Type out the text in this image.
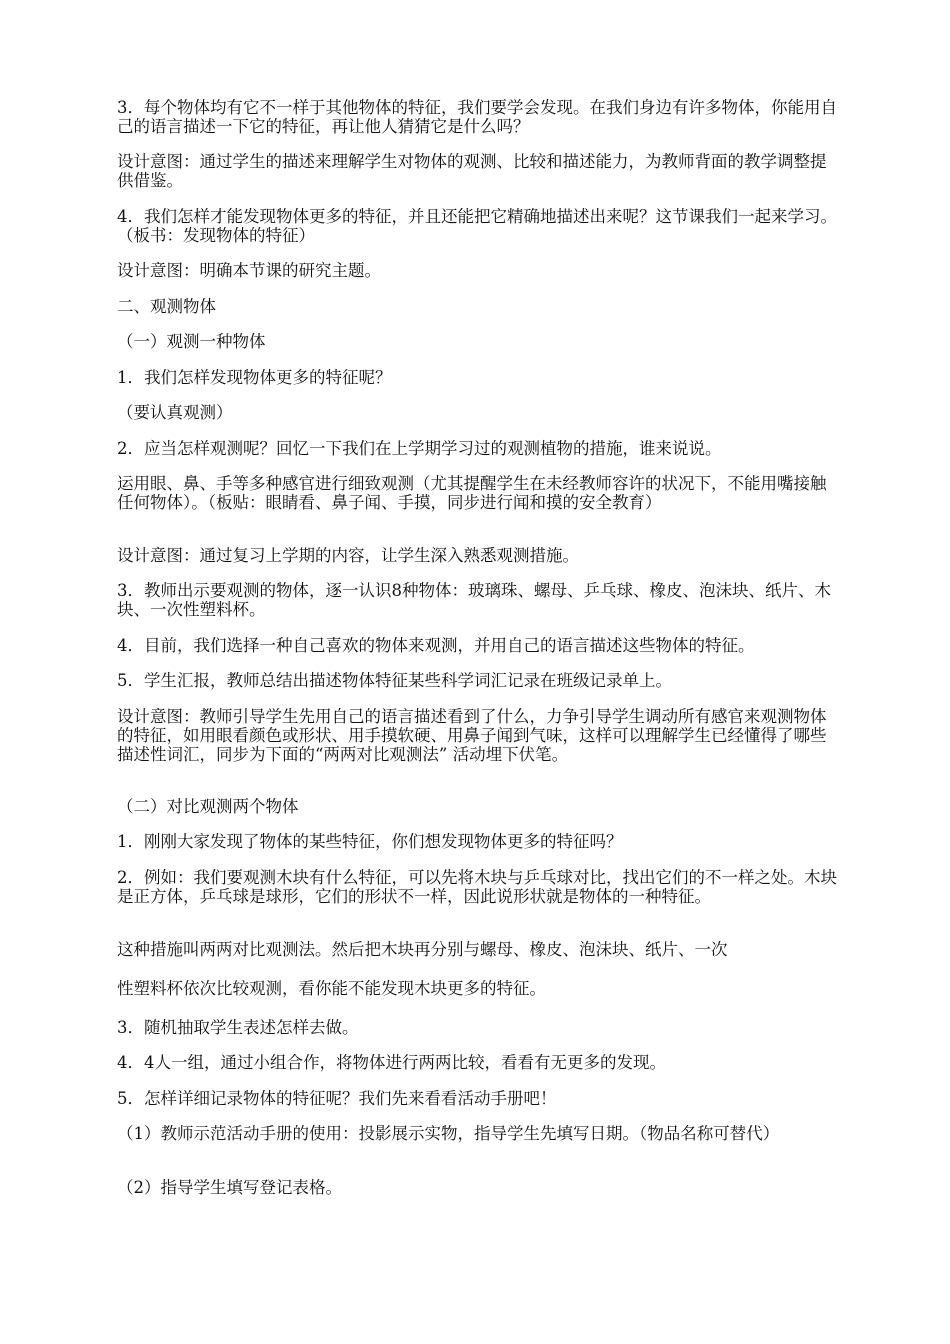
3．每个物体均有它不一样于其他物体的特征，我们要学会发现。在我们身边有许多物体，你能用自己的语言描述一下它的特征，再让他人猜猜它是什么吗？

设计意图：通过学生的描述来理解学生对物体的观测、比较和描述能力，为教师背面的教学调整提供借鉴。

4．我们怎样才能发现物体更多的特征，并且还能把它精确地描述出来呢？这节课我们一起来学习。（板书：发现物体的特征）

设计意图：明确本节课的研究主题。

二、观测物体

（一）观测一种物体

1．我们怎样发现物体更多的特征呢？

（要认真观测）

2．应当怎样观测呢？回忆一下我们在上学期学习过的观测植物的措施，谁来说说。

运用眼、鼻、手等多种感官进行细致观测（尤其提醒学生在未经教师容许的状况下，不能用嘴接触任何物体）。（板贴：眼睛看、鼻子闻、手摸，同步进行闻和摸的安全教育）

设计意图：通过复习上学期的内容，让学生深入熟悉观测措施。

3．教师出示要观测的物体，逐一认识8种物体：玻璃珠、螺母、乒乓球、橡皮、泡沫块、纸片、木块、一次性塑料杯。

4．目前，我们选择一种自己喜欢的物体来观测，并用自己的语言描述这些物体的特征。

5．学生汇报，教师总结出描述物体特征某些科学词汇记录在班级记录单上。

设计意图：教师引导学生先用自己的语言描述看到了什么，力争引导学生调动所有感官来观测物体的特征，如用眼看颜色或形状、用手摸软硬、用鼻子闻到气味，这样可以理解学生已经懂得了哪些描述性词汇，同步为下面的“两两对比观测法” 活动埋下伏笔。

（二）对比观测两个物体

1．刚刚大家发现了物体的某些特征，你们想发现物体更多的特征吗？

2．例如：我们要观测木块有什么特征，可以先将木块与乒乓球对比，找出它们的不一样之处。木块是正方体，乒乓球是球形，它们的形状不一样，因此说形状就是物体的一种特征。

这种措施叫两两对比观测法。然后把木块再分别与螺母、橡皮、泡沫块、纸片、一次

性塑料杯依次比较观测，看你能不能发现木块更多的特征。

3．随机抽取学生表述怎样去做。

4．4人一组，通过小组合作，将物体进行两两比较，看看有无更多的发现。

5．怎样详细记录物体的特征呢？我们先来看看活动手册吧！

（1）教师示范活动手册的使用：投影展示实物，指导学生先填写日期。（物品名称可替代）

（2）指导学生填写登记表格。
